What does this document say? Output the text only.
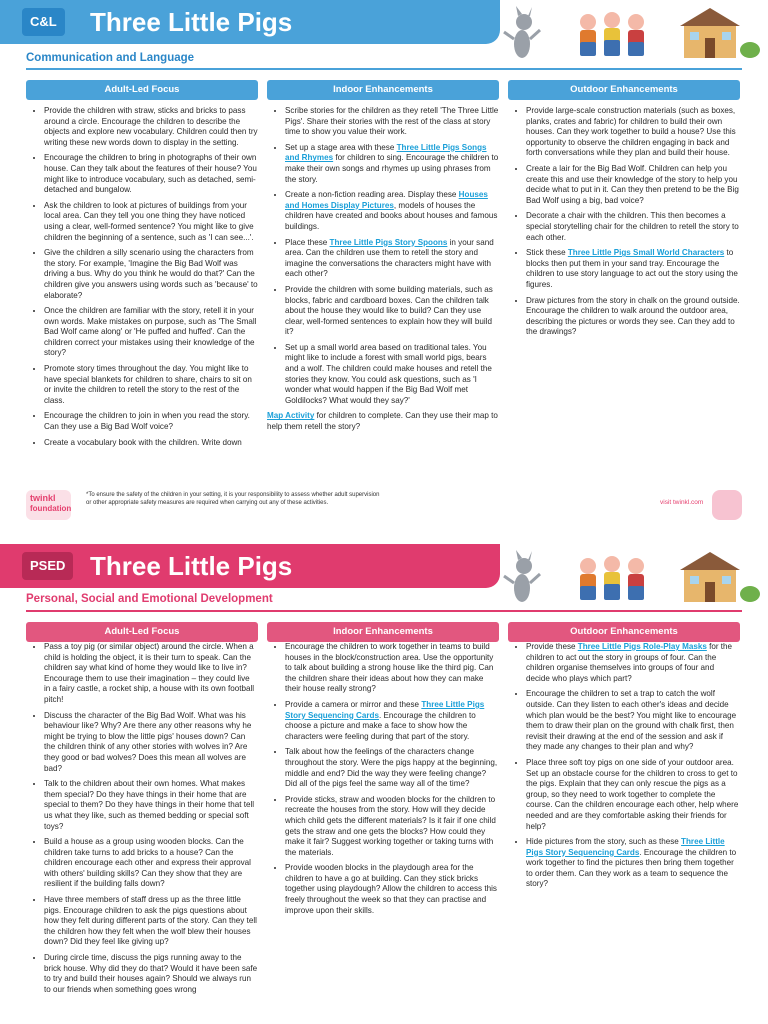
C&L	Three Little Pigs
Communication and Language
Adult-Led Focus
• Provide the children with straw, sticks and bricks to pass around a circle. Encourage the children to describe the objects and explore new vocabulary. Children could then try writing these new words down to display in the setting.
• Encourage the children to bring in photographs of their own house. Can they talk about the features of their house? You might like to introduce vocabulary, such as detached, semi-detached and bungalow.
• Ask the children to look at pictures of buildings from your local area. Can they tell you one thing they have noticed using a clear, well-formed sentence? You might like to give children the beginning of a sentence, such as 'I can see...'.
• Give the children a silly scenario using the characters from the story. For example, 'Imagine the Big Bad Wolf was driving a bus. Why do you think he would do that?' Can the children give you answers using words such as 'because' to elaborate?
• Once the children are familiar with the story, retell it in your own words. Make mistakes on purpose, such as 'The Small Bad Wolf came along' or 'He puffed and huffed'. Can the children correct your mistakes using their knowledge of the story?
• Promote story times throughout the day. You might like to have special blankets for children to share, chairs to sit on or invite the children to retell the story to the rest of the class.
• Encourage the children to join in when you read the story. Can they use a Big Bad Wolf voice?
• Create a vocabulary book with the children. Write down
Indoor Enhancements
• Scribe stories for the children as they retell 'The Three Little Pigs'. Share their stories with the rest of the class at story time to show you value their work.
• Set up a stage area with these Three Little Pigs Songs and Rhymes for children to sing. Encourage the children to make their own songs and rhymes up using phrases from the story.
• Create a non-fiction reading area. Display these Houses and Homes Display Pictures, models of houses the children have created and books about houses and famous buildings.
• Place these Three Little Pigs Story Spoons in your sand area. Can the children use them to retell the story and imagine the conversations the characters might have with each other?
• Provide the children with some building materials, such as blocks, fabric and cardboard boxes. Can the children talk about the house they would like to build? Can they use clear, well-formed sentences to explain how they will build it?
• Set up a small world area based on traditional tales. You might like to include a forest with small world pigs, bears and a wolf. The children could make houses and retell the stories they know. You could ask questions, such as 'I wonder what would happen if the Big Bad Wolf met Goldilocks? What would they say?'

Map Activity for children to complete. Can they use their map to help them retell the story?

Outdoor Enhancements
• Provide large-scale construction materials (such as boxes, planks, crates and fabric) for children to build their own houses. Can they work together to build a house? Use this opportunity to observe the children engaging in back and forth conversations while they plan and build their house.
• Create a lair for the Big Bad Wolf. Children can help you create this and use their knowledge of the story to help you decide what to put in it. Can they then pretend to be the Big Bad Wolf using a big, bad voice?
• Decorate a chair with the children. This then becomes a special storytelling chair for the children to retell the story to each other.
• Stick these Three Little Pigs Small World Characters to blocks then put them in your sand tray. Encourage the children to use story language to act out the story using the figures.
• Draw pictures from the story in chalk on the ground outside. Encourage the children to walk around the outdoor area, describing the pictures or words they see. Can they add to the drawings?
twinkl
foundation
*To ensure the safety of the children in your setting, it is your responsibility to assess whether adult supervision or other appropriate safety measures are required when carrying out any of these activities.	visit twinkl.com
PSED Three Little Pigs
Personal, Social and Emotional Development
Adult-Led Focus
• Pass a toy pig (or similar object) around the circle. When a child is holding the object, it is their turn to speak. Can the children say what kind of home they would like to live in? Encourage them to use their imagination – they could live in a fairy castle, a rocket ship, a house with its own football pitch!
• Discuss the character of the Big Bad Wolf. What was his behaviour like? Why? Are there any other reasons why he might be trying to blow the little pigs' houses down? Can the children think of any other stories with wolves in? Are they good or bad wolves? Does this mean all wolves are bad?
• Talk to the children about their own homes. What makes them special? Do they have things in their home that are special to them? Do they have things in their home that tell us what they like, such as themed bedding or special soft toys?
• Build a house as a group using wooden blocks. Can the children take turns to add bricks to a house? Can the children encourage each other and express their approval with others' building skills? Can they show that they are resilient if the building falls down?
• Have three members of staff dress up as the three little pigs. Encourage children to ask the pigs questions about how they felt during different parts of the story. Can they tell the children how they felt when the wolf blew their houses down? Did they feel like giving up?
• During circle time, discuss the pigs running away to the brick house. Why did they do that? Would it have been safe to try and build their houses again? Should we always run to our friends when something goes wrong
Indoor Enhancements
• Encourage the children to work together in teams to build houses in the block/construction area. Use the opportunity to talk about building a strong house like the third pig. Can the children share their ideas about how they can make their house really strong?
• Provide a camera or mirror and these Three Little Pigs Story Sequencing Cards. Encourage the children to choose a picture and make a face to show how the characters were feeling during that part of the story.
• Talk about how the feelings of the characters change throughout the story. Were the pigs happy at the beginning, middle and end? Did the way they were feeling change? Did all of the pigs feel the same way all of the time?
• Provide sticks, straw and wooden blocks for the children to recreate the houses from the story. How will they decide which child gets the different materials? Is it fair if one child gets the straw and one gets the blocks? How could they make it fair? Suggest working together or taking turns with the materials.
• Provide wooden blocks in the playdough area for the children to have a go at building. Can they stick bricks together using playdough? Allow the children to access this freely throughout the week so that they can practise and improve upon their skills.
Outdoor Enhancements
• Provide these Three Little Pigs Role-Play Masks for the children to act out the story in groups of four. Can the children organise themselves into groups of four and decide who plays which part?
• Encourage the children to set a trap to catch the wolf outside. Can they listen to each other's ideas and decide which plan would be the best? You might like to encourage them to draw their plan on the ground with chalk first, then revisit their drawing at the end of the session and ask if they made any changes to their plan and why?
• Place three soft toy pigs on one side of your outdoor area. Set up an obstacle course for the children to cross to get to the pigs. Explain that they can only rescue the pigs as a group, so they need to work together to complete the course. Can the children encourage each other, help where needed and are they comfortable asking their friends for help?
• Hide pictures from the story, such as these Three Little Pigs Story Sequencing Cards. Encourage the children to work together to find the pictures then bring them together to order them. Can they work as a team to sequence the story?
